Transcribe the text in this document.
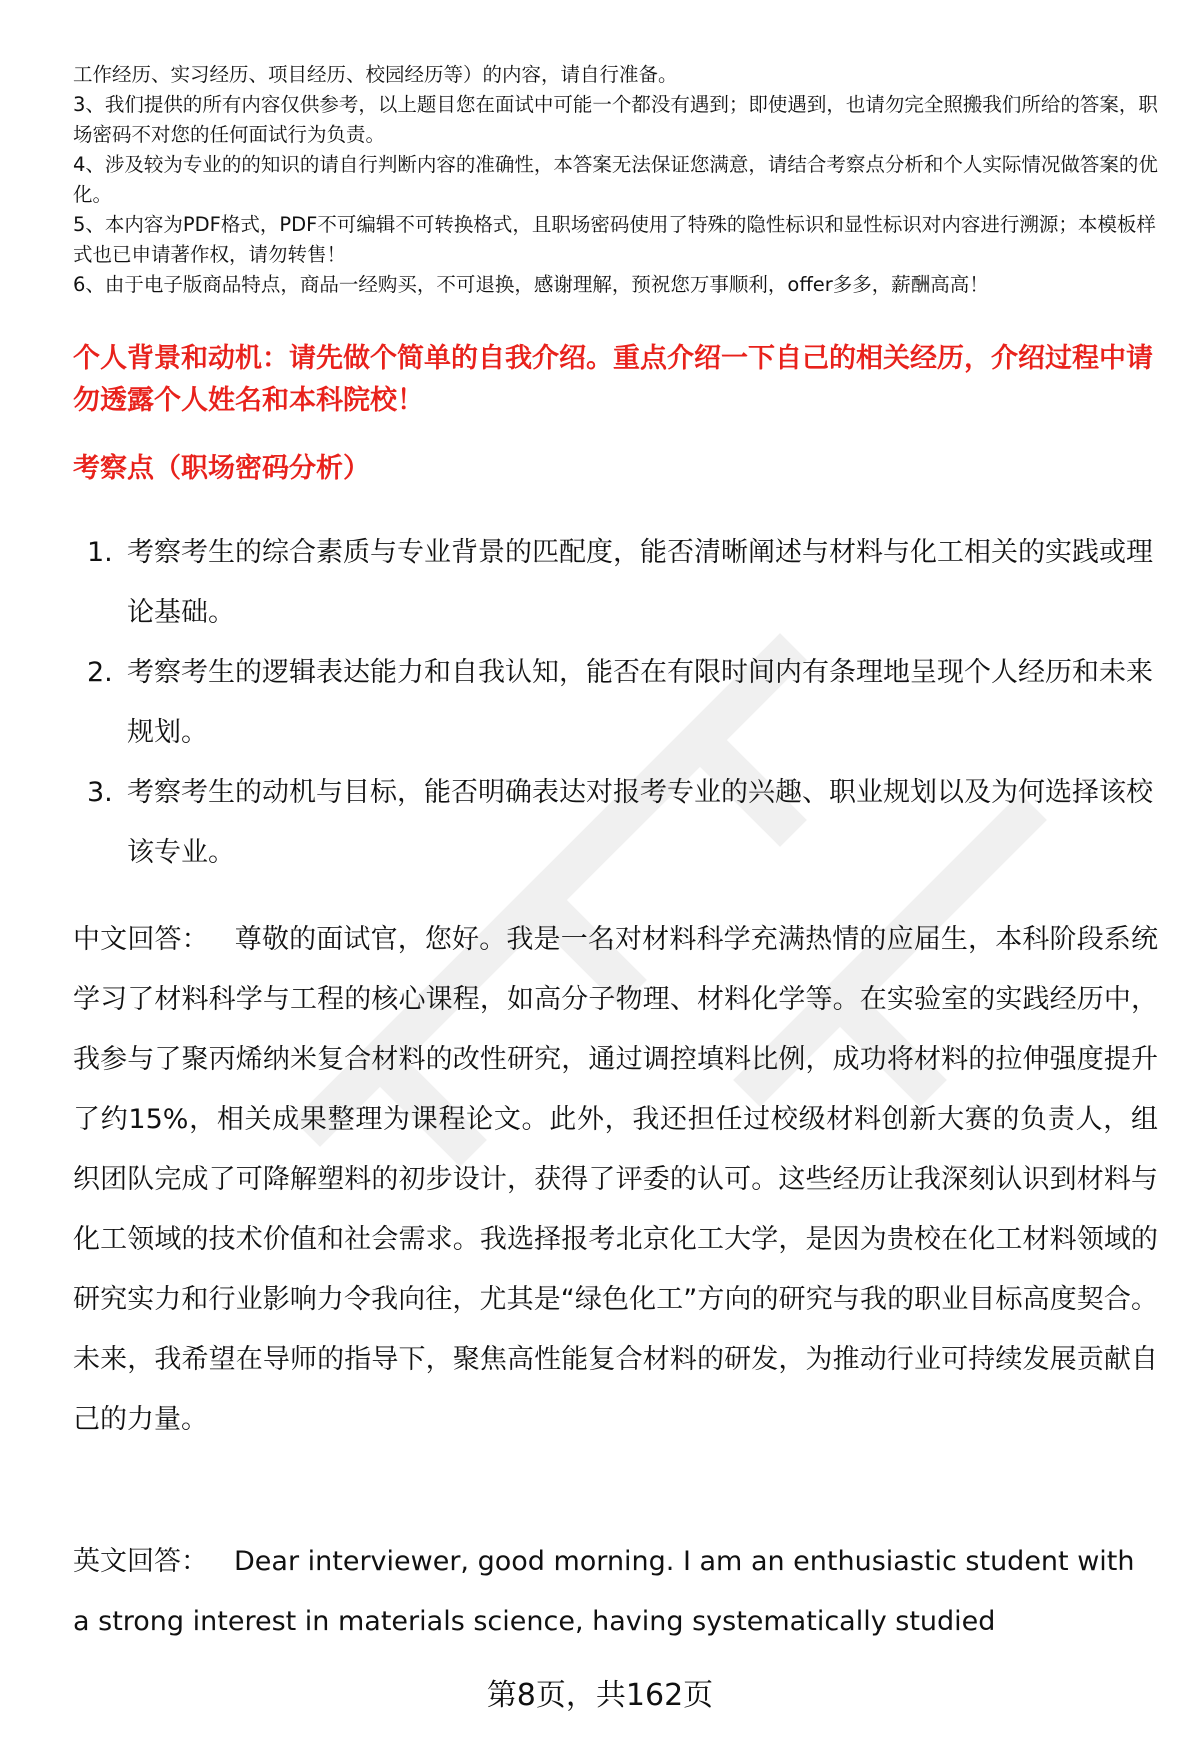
工作经历、实习经历、项目经历、校园经历等）的内容，请自行准备。

3、我们提供的所有内容仅供参考，以上题目您在面试中可能一个都没有遇到；即使遇到，也请勿完全照搬我们所给的答案，职场密码不对您的任何面试行为负责。

4、涉及较为专业的的知识的请自行判断内容的准确性，本答案无法保证您满意，请结合考察点分析和个人实际情况做答案的优化。

5、本内容为PDF格式，PDF不可编辑不可转换格式，且职场密码使用了特殊的隐性标识和显性标识对内容进行溯源；本模板样式也已申请著作权，请勿转售！

6、由于电子版商品特点，商品一经购买，不可退换，感谢理解，预祝您万事顺利，offer多多，薪酬高高！

个人背景和动机：请先做个简单的自我介绍。重点介绍一下自己的相关经历，介绍过程中请勿透露个人姓名和本科院校！
考察点（职场密码分析）
1. 考察考生的综合素质与专业背景的匹配度，能否清晰阐述与材料与化工相关的实践或理论基础。
2. 考察考生的逻辑表达能力和自我认知，能否在有限时间内有条理地呈现个人经历和未来规划。
3. 考察考生的动机与目标，能否明确表达对报考专业的兴趣、职业规划以及为何选择该校该专业。

中文回答： 尊敬的面试官，您好。我是一名对材料科学充满热情的应届生，本科阶段系统学习了材料科学与工程的核心课程，如高分子物理、材料化学等。在实验室的实践经历中，我参与了聚丙烯纳米复合材料的改性研究，通过调控填料比例，成功将材料的拉伸强度提升了约15%，相关成果整理为课程论文。此外，我还担任过校级材料创新大赛的负责人，组织团队完成了可降解塑料的初步设计，获得了评委的认可。这些经历让我深刻认识到材料与化工领域的技术价值和社会需求。我选择报考北京化工大学，是因为贵校在化工材料领域的研究实力和行业影响力令我向往，尤其是“绿色化工”方向的研究与我的职业目标高度契合。未来，我希望在导师的指导下，聚焦高性能复合材料的研发，为推动行业可持续发展贡献自己的力量。

英文回答： Dear interviewer, good morning. I am an enthusiastic student with a strong interest in materials science, having systematically studied

第8页，共162页
